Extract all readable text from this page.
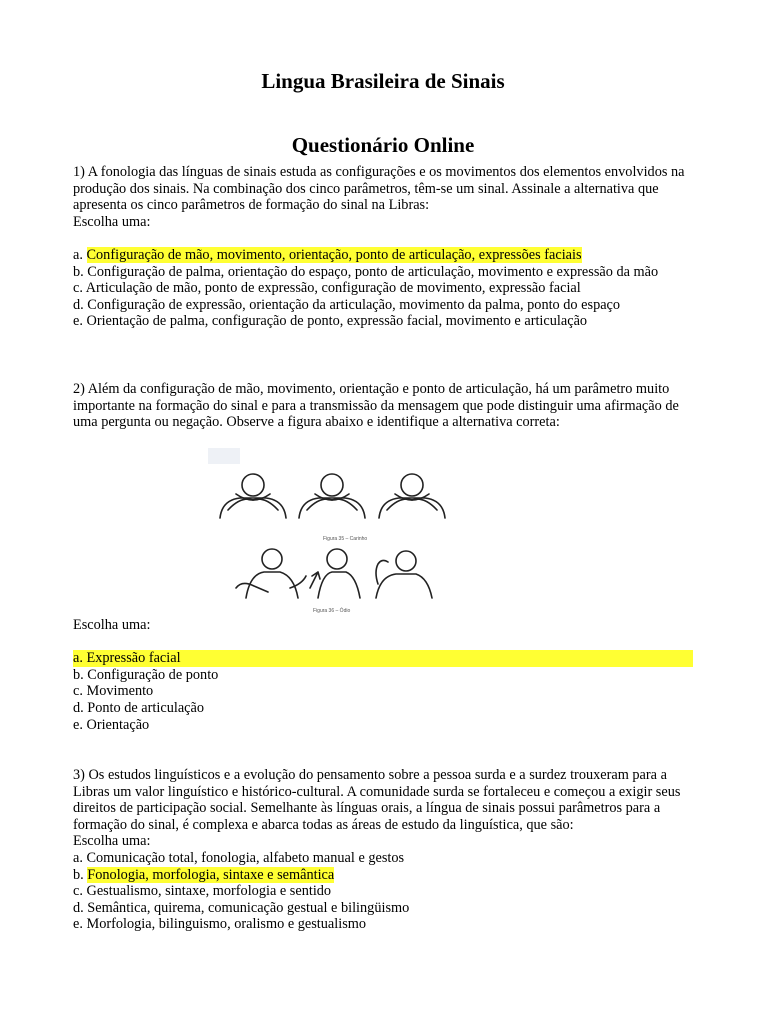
Lingua Brasileira de Sinais
Questionário Online

1) A fonologia das línguas de sinais estuda as configurações e os movimentos dos elementos envolvidos na produção dos sinais. Na combinação dos cinco parâmetros, têm-se um sinal. Assinale a alternativa que apresenta os cinco parâmetros de formação do sinal na Libras:

Escolha uma:

a. Configuração de mão, movimento, orientação, ponto de articulação, expressões faciais

b. Configuração de palma, orientação do espaço, ponto de articulação, movimento e expressão da mão

c. Articulação de mão, ponto de expressão, configuração de movimento, expressão facial

d. Configuração de expressão, orientação da articulação, movimento da palma, ponto do espaço

e. Orientação de palma, configuração de ponto, expressão facial, movimento e articulação

2) Além da configuração de mão, movimento, orientação e ponto de articulação, há um parâmetro muito importante na formação do sinal e para a transmissão da mensagem que pode distinguir uma afirmação de uma pergunta ou negação. Observe a figura abaixo e identifique a alternativa correta:

Figura 35 – Carinho
Figura 36 – Ódio

Escolha uma:

a. Expressão facial

b. Configuração de ponto

c. Movimento

d. Ponto de articulação

e. Orientação

3) Os estudos linguísticos e a evolução do pensamento sobre a pessoa surda e a surdez trouxeram para a Libras um valor linguístico e histórico-cultural. A comunidade surda se fortaleceu e começou a exigir seus direitos de participação social. Semelhante às línguas orais, a língua de sinais possui parâmetros para a formação do sinal, é complexa e abarca todas as áreas de estudo da linguística, que são:

Escolha uma:

a. Comunicação total, fonologia, alfabeto manual e gestos

b. Fonologia, morfologia, sintaxe e semântica

c. Gestualismo, sintaxe, morfologia e sentido

d. Semântica, quirema, comunicação gestual e bilingüismo

e. Morfologia, bilinguismo, oralismo e gestualismo
